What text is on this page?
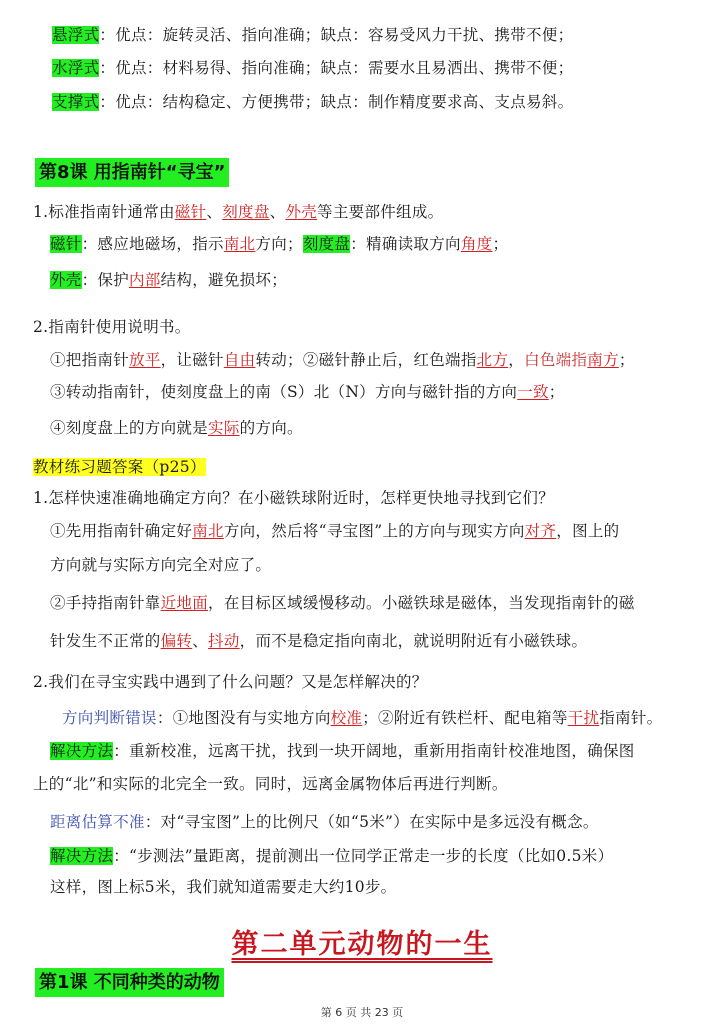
悬浮式：优点：旋转灵活、指向准确；缺点：容易受风力干扰、携带不便；
水浮式：优点：材料易得、指向准确；缺点：需要水且易洒出、携带不便；
支撑式：优点：结构稳定、方便携带；缺点：制作精度要求高、支点易斜。
第8课 用指南针“寻宝”
1.标准指南针通常由磁针、刻度盘、外壳等主要部件组成。
磁针：感应地磁场，指示南北方向；刻度盘：精确读取方向角度；
外壳：保护内部结构，避免损坏；
2.指南针使用说明书。
①把指南针放平，让磁针自由转动；②磁针静止后，红色端指北方，白色端指南方；
③转动指南针，使刻度盘上的南（S）北（N）方向与磁针指的方向一致；
④刻度盘上的方向就是实际的方向。
教材练习题答案（p25）
1.怎样快速准确地确定方向？在小磁铁球附近时，怎样更快地寻找到它们？
①先用指南针确定好南北方向，然后将“寻宝图”上的方向与现实方向对齐，图上的
方向就与实际方向完全对应了。
②手持指南针靠近地面，在目标区域缓慢移动。小磁铁球是磁体，当发现指南针的磁
针发生不正常的偏转、抖动，而不是稳定指向南北，就说明附近有小磁铁球。
2.我们在寻宝实践中遇到了什么问题？又是怎样解决的？
方向判断错误：①地图没有与实地方向校准；②附近有铁栏杆、配电箱等干扰指南针。
解决方法：重新校准，远离干扰，找到一块开阔地，重新用指南针校准地图，确保图
上的“北”和实际的北完全一致。同时，远离金属物体后再进行判断。
距离估算不准：对“寻宝图”上的比例尺（如“5米”）在实际中是多远没有概念。
解决方法：“步测法”量距离，提前测出一位同学正常走一步的长度（比如0.5米）
这样，图上标5米，我们就知道需要走大约10步。
第二单元动物的一生
第1课 不同种类的动物
第 6 页 共 23 页
